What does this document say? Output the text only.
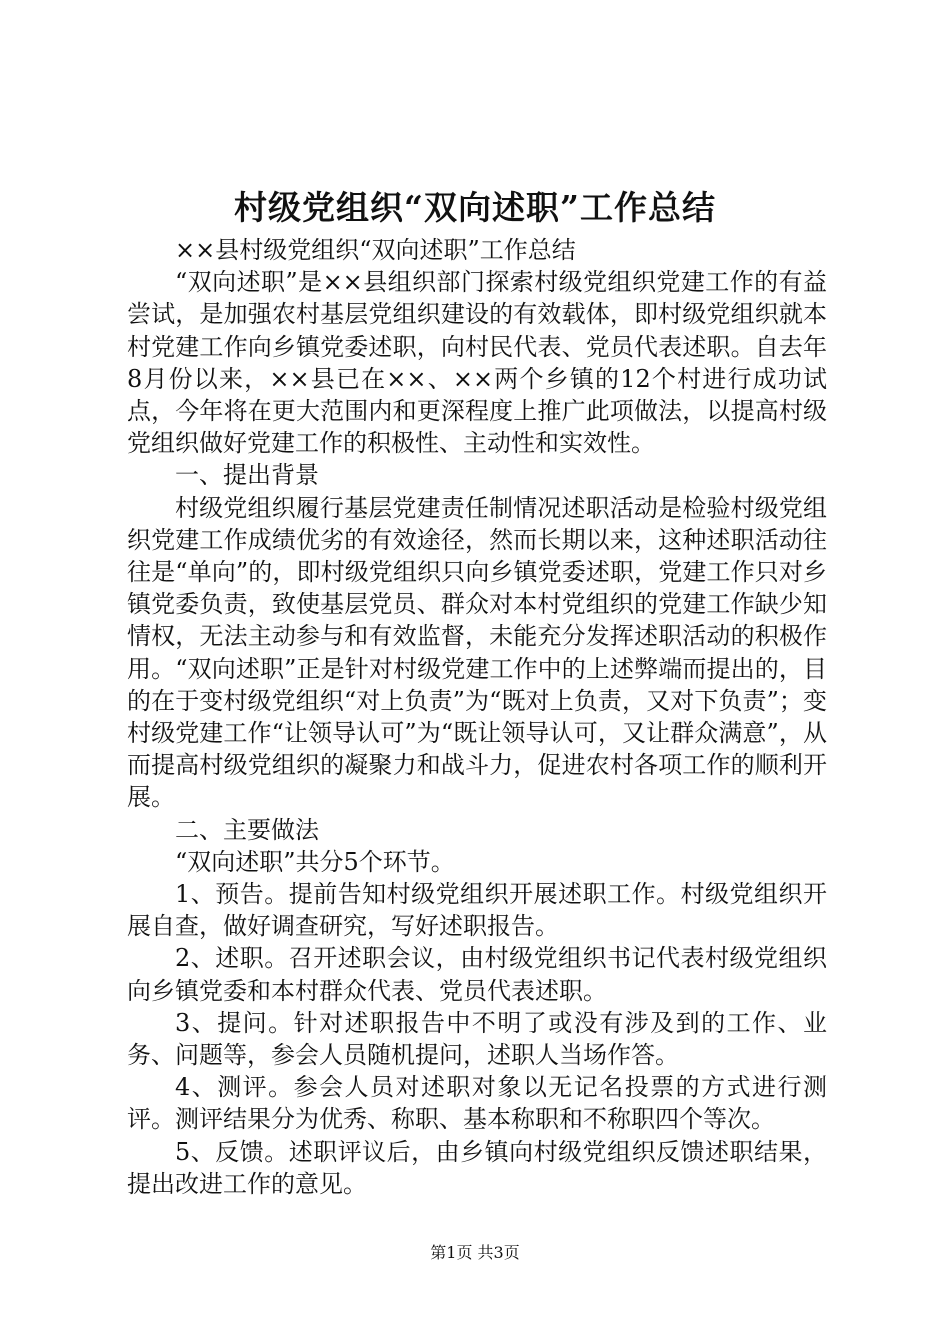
村级党组织“双向述职”工作总结

××县村级党组织“双向述职”工作总结

“双向述职”是××县组织部门探索村级党组织党建工作的有益尝试，是加强农村基层党组织建设的有效载体，即村级党组织就本村党建工作向乡镇党委述职，向村民代表、党员代表述职。自去年8月份以来，××县已在××、××两个乡镇的12个村进行成功试点，今年将在更大范围内和更深程度上推广此项做法，以提高村级党组织做好党建工作的积极性、主动性和实效性。

一、提出背景

村级党组织履行基层党建责任制情况述职活动是检验村级党组织党建工作成绩优劣的有效途径，然而长期以来，这种述职活动往往是“单向”的，即村级党组织只向乡镇党委述职，党建工作只对乡镇党委负责，致使基层党员、群众对本村党组织的党建工作缺少知情权，无法主动参与和有效监督，未能充分发挥述职活动的积极作用。“双向述职”正是针对村级党建工作中的上述弊端而提出的，目的在于变村级党组织“对上负责”为“既对上负责，又对下负责”；变村级党建工作“让领导认可”为“既让领导认可，又让群众满意”，从而提高村级党组织的凝聚力和战斗力，促进农村各项工作的顺利开展。

二、主要做法

“双向述职”共分5个环节。

1、预告。提前告知村级党组织开展述职工作。村级党组织开展自查，做好调查研究，写好述职报告。

2、述职。召开述职会议，由村级党组织书记代表村级党组织向乡镇党委和本村群众代表、党员代表述职。

3、提问。针对述职报告中不明了或没有涉及到的工作、业务、问题等，参会人员随机提问，述职人当场作答。

4、测评。参会人员对述职对象以无记名投票的方式进行测评。测评结果分为优秀、称职、基本称职和不称职四个等次。

5、反馈。述职评议后，由乡镇向村级党组织反馈述职结果，提出改进工作的意见。

第1页 共3页
